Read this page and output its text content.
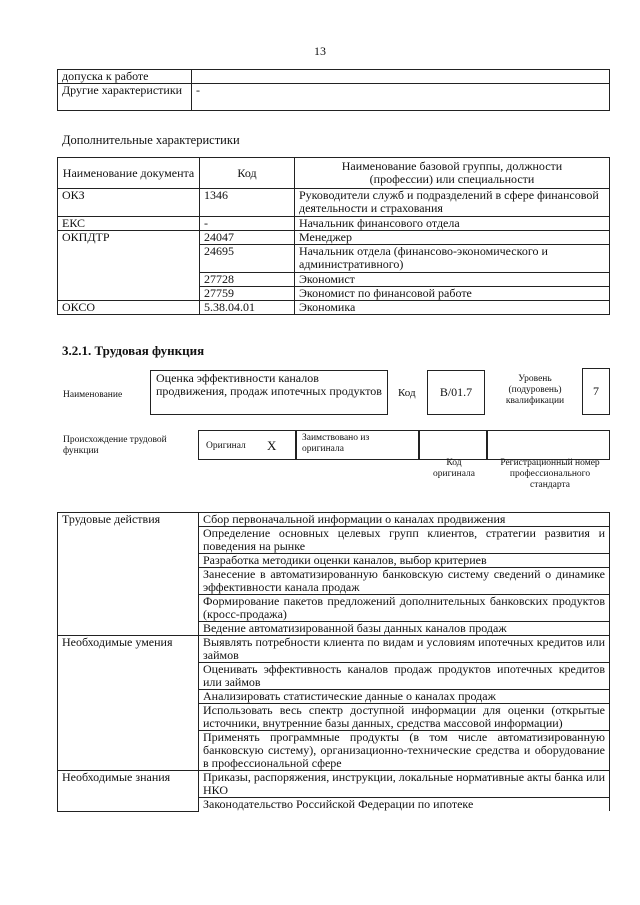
13
допуска к работе	
Другие характеристики	-
Дополнительные характеристики
Наименование документа	Код	Наименование базовой группы, должности (профессии) или специальности
ОКЗ	1346	Руководители служб и подразделений в сфере финансовой деятельности и страхования
ЕКС	-	Начальник финансового отдела
ОКПДТР	24047	Менеджер
	24695	Начальник отдела (финансово-экономического и административного)
	27728	Экономист
	27759	Экономист по финансовой работе
ОКСО	5.38.04.01	Экономика
3.2.1. Трудовая функция
Наименование
Оценка эффективности каналов продвижения, продаж ипотечных продуктов	Код B/01.7
Уровень (подуровень) квалификации
7
Происхождение трудовой функции	Оригинал X	Заимствовано из оригинала
Код оригинала
Регистрационный номер профессионального стандарта
Трудовые действия	Сбор первоначальной информации о каналах продвижения
	Определение основных целевых групп клиентов, стратегии развития и поведения на рынке
	Разработка методики оценки каналов, выбор критериев
	Занесение в автоматизированную банковскую систему сведений о динамике эффективности канала продаж
	Формирование пакетов предложений дополнительных банковских продуктов (кросс-продажа)
	Ведение автоматизированной базы данных каналов продаж
Необходимые умения	Выявлять потребности клиента по видам и условиям ипотечных кредитов или займов
	Оценивать эффективность каналов продаж продуктов ипотечных кредитов или займов
	Анализировать статистические данные о каналах продаж
	Использовать весь спектр доступной информации для оценки (открытые источники, внутренние базы данных, средства массовой информации)
	Применять программные продукты (в том числе автоматизированную банковскую систему), организационно-технические средства и оборудование в профессиональной сфере
Необходимые знания	Приказы, распоряжения, инструкции, локальные нормативные акты банка или НКО
	Законодательство Российской Федерации по ипотеке
